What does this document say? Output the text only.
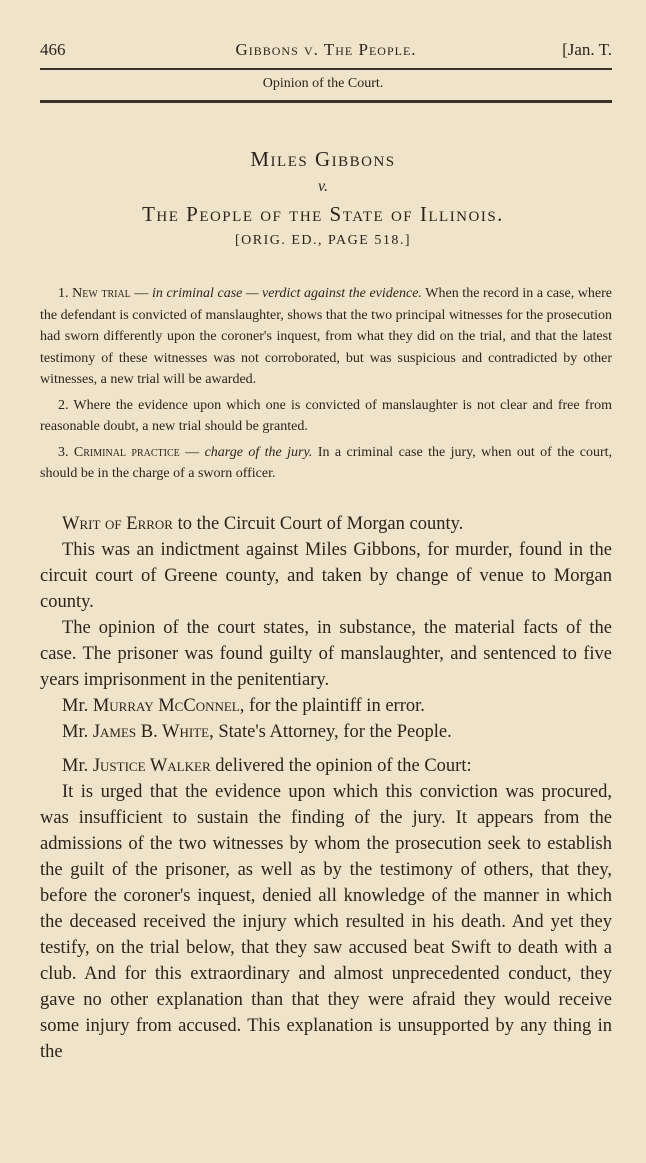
466	Gibbons v. The People.	[Jan. T.
Opinion of the Court.
Miles Gibbons
v.
The People of the State of Illinois.
[ORIG. ED., PAGE 518.]

1. New trial — in criminal case — verdict against the evidence. When the record in a case, where the defendant is convicted of manslaughter, shows that the two principal witnesses for the prosecution had sworn differently upon the coroner's inquest, from what they did on the trial, and that the latest testimony of these witnesses was not corroborated, but was suspicious and contradicted by other witnesses, a new trial will be awarded.

2. Where the evidence upon which one is convicted of manslaughter is not clear and free from reasonable doubt, a new trial should be granted.

3. Criminal practice — charge of the jury. In a criminal case the jury, when out of the court, should be in the charge of a sworn officer.

Writ of Error to the Circuit Court of Morgan county.

This was an indictment against Miles Gibbons, for murder, found in the circuit court of Greene county, and taken by change of venue to Morgan county.

The opinion of the court states, in substance, the material facts of the case. The prisoner was found guilty of manslaughter, and sentenced to five years imprisonment in the penitentiary.

Mr. Murray McConnel, for the plaintiff in error.

Mr. James B. White, State's Attorney, for the People.

Mr. Justice Walker delivered the opinion of the Court:

It is urged that the evidence upon which this conviction was procured, was insufficient to sustain the finding of the jury. It appears from the admissions of the two witnesses by whom the prosecution seek to establish the guilt of the prisoner, as well as by the testimony of others, that they, before the coroner's inquest, denied all knowledge of the manner in which the deceased received the injury which resulted in his death. And yet they testify, on the trial below, that they saw accused beat Swift to death with a club. And for this extraordinary and almost unprecedented conduct, they gave no other explanation than that they were afraid they would receive some injury from accused. This explanation is unsupported by any thing in the
